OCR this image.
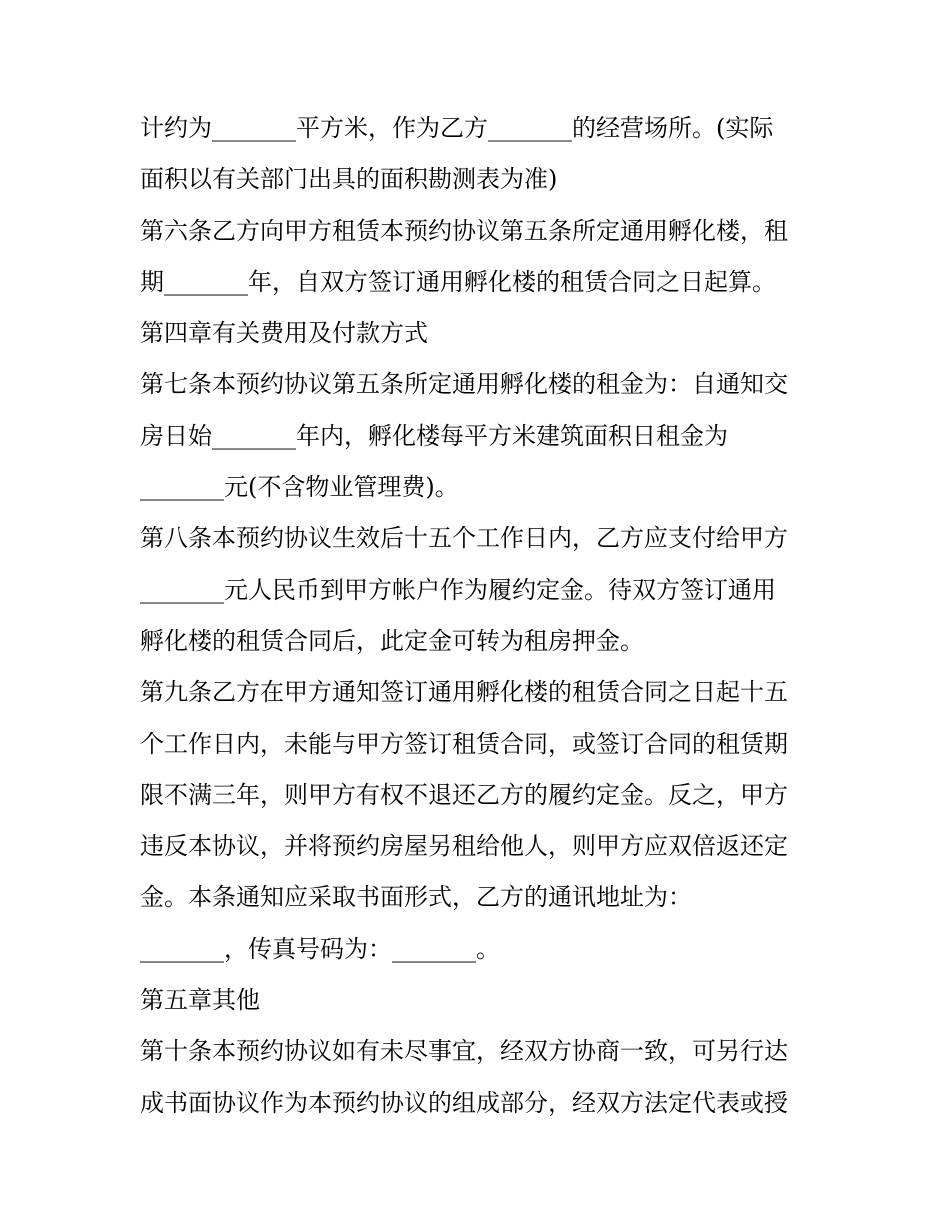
计约为_______平方米，作为乙方_______的经营场所。(实际
面积以有关部门出具的面积勘测表为准)
第六条乙方向甲方租赁本预约协议第五条所定通用孵化楼，租
期_______年，自双方签订通用孵化楼的租赁合同之日起算。
第四章有关费用及付款方式
第七条本预约协议第五条所定通用孵化楼的租金为：自通知交
房日始_______年内，孵化楼每平方米建筑面积日租金为
_______元(不含物业管理费)。
第八条本预约协议生效后十五个工作日内，乙方应支付给甲方
_______元人民币到甲方帐户作为履约定金。待双方签订通用
孵化楼的租赁合同后，此定金可转为租房押金。
第九条乙方在甲方通知签订通用孵化楼的租赁合同之日起十五
个工作日内，未能与甲方签订租赁合同，或签订合同的租赁期
限不满三年，则甲方有权不退还乙方的履约定金。反之，甲方
违反本协议，并将预约房屋另租给他人，则甲方应双倍返还定
金。本条通知应采取书面形式，乙方的通讯地址为：
_______，传真号码为：_______。
第五章其他
第十条本预约协议如有未尽事宜，经双方协商一致，可另行达
成书面协议作为本预约协议的组成部分，经双方法定代表或授
